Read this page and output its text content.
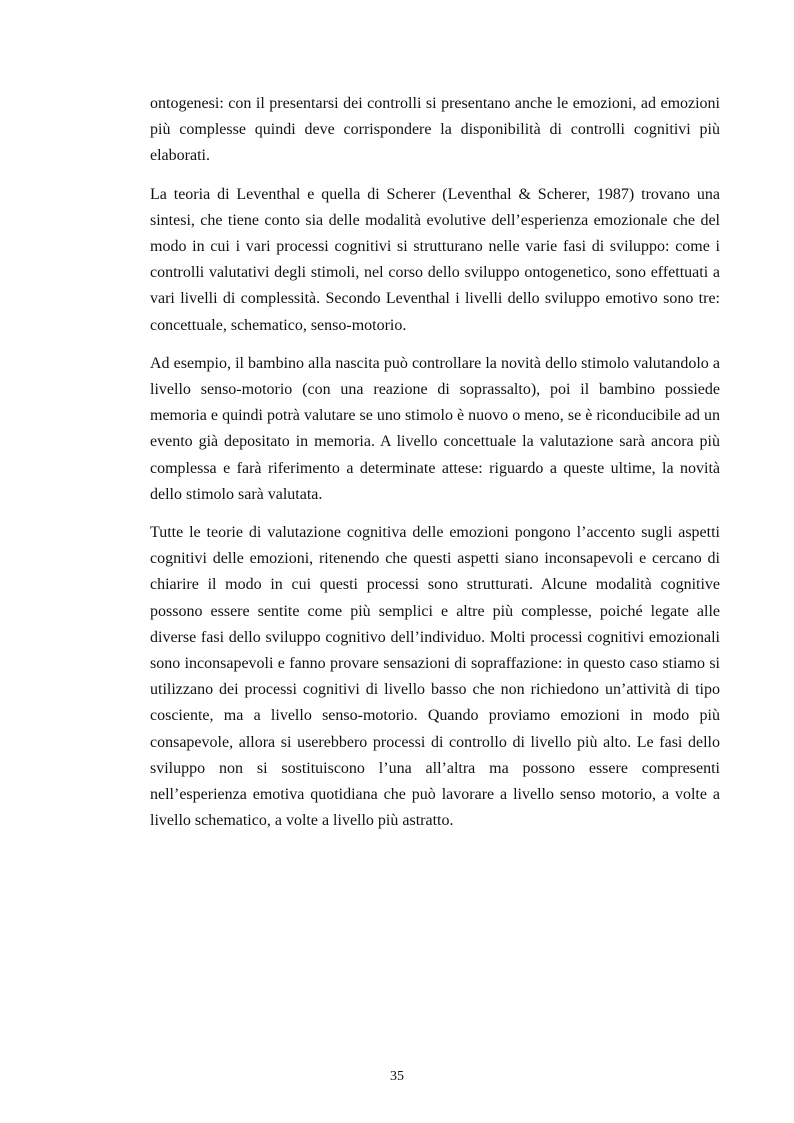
ontogenesi: con il presentarsi dei controlli si presentano anche le emozioni, ad emozioni più complesse quindi deve corrispondere la disponibilità di controlli cognitivi più elaborati.

La teoria di Leventhal e quella di Scherer (Leventhal & Scherer, 1987) trovano una sintesi, che tiene conto sia delle modalità evolutive dell’esperienza emozionale che del modo in cui i vari processi cognitivi si strutturano nelle varie fasi di sviluppo: come i controlli valutativi degli stimoli, nel corso dello sviluppo ontogenetico, sono effettuati a vari livelli di complessità. Secondo Leventhal i livelli dello sviluppo emotivo sono tre: concettuale, schematico, senso-motorio.

Ad esempio, il bambino alla nascita può controllare la novità dello stimolo valutandolo a livello senso-motorio (con una reazione di soprassalto), poi il bambino possiede memoria e quindi potrà valutare se uno stimolo è nuovo o meno, se è riconducibile ad un evento già depositato in memoria. A livello concettuale la valutazione sarà ancora più complessa e farà riferimento a determinate attese: riguardo a queste ultime, la novità dello stimolo sarà valutata.

Tutte le teorie di valutazione cognitiva delle emozioni pongono l’accento sugli aspetti cognitivi delle emozioni, ritenendo che questi aspetti siano inconsapevoli e cercano di chiarire il modo in cui questi processi sono strutturati. Alcune modalità cognitive possono essere sentite come più semplici e altre più complesse, poiché legate alle diverse fasi dello sviluppo cognitivo dell’individuo. Molti processi cognitivi emozionali sono inconsapevoli e fanno provare sensazioni di sopraffazione: in questo caso stiamo si utilizzano dei processi cognitivi di livello basso che non richiedono un’attività di tipo cosciente, ma a livello senso-motorio. Quando proviamo emozioni in modo più consapevole, allora si userebbero processi di controllo di livello più alto. Le fasi dello sviluppo non si sostituiscono l’una all’altra ma possono essere compresenti nell’esperienza emotiva quotidiana che può lavorare a livello senso motorio, a volte a livello schematico, a volte a livello più astratto.

35
